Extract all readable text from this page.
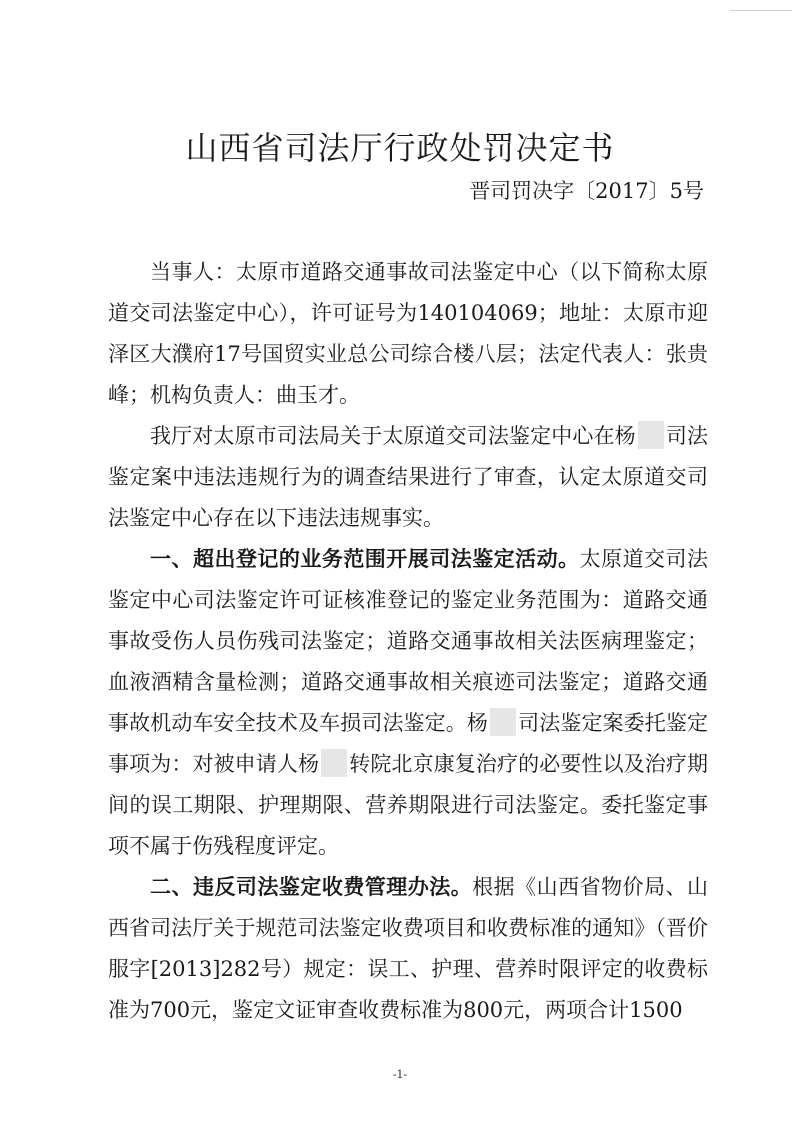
山西省司法厅行政处罚决定书
晋司罚决字〔2017〕5号

当事人：太原市道路交通事故司法鉴定中心（以下简称太原道交司法鉴定中心），许可证号为140104069；地址：太原市迎泽区大濮府17号国贸实业总公司综合楼八层；法定代表人：张贵峰；机构负责人：曲玉才。

我厅对太原市司法局关于太原道交司法鉴定中心在杨 司法鉴定案中违法违规行为的调查结果进行了审查，认定太原道交司法鉴定中心存在以下违法违规事实。

一、超出登记的业务范围开展司法鉴定活动。太原道交司法鉴定中心司法鉴定许可证核准登记的鉴定业务范围为：道路交通事故受伤人员伤残司法鉴定；道路交通事故相关法医病理鉴定；血液酒精含量检测；道路交通事故相关痕迹司法鉴定；道路交通事故机动车安全技术及车损司法鉴定。杨 司法鉴定案委托鉴定事项为：对被申请人杨 转院北京康复治疗的必要性以及治疗期间的误工期限、护理期限、营养期限进行司法鉴定。委托鉴定事项不属于伤残程度评定。

二、违反司法鉴定收费管理办法。根据《山西省物价局、山西省司法厅关于规范司法鉴定收费项目和收费标准的通知》（晋价服字[2013]282号）规定：误工、护理、营养时限评定的收费标准为700元，鉴定文证审查收费标准为800元，两项合计1500

-1-
